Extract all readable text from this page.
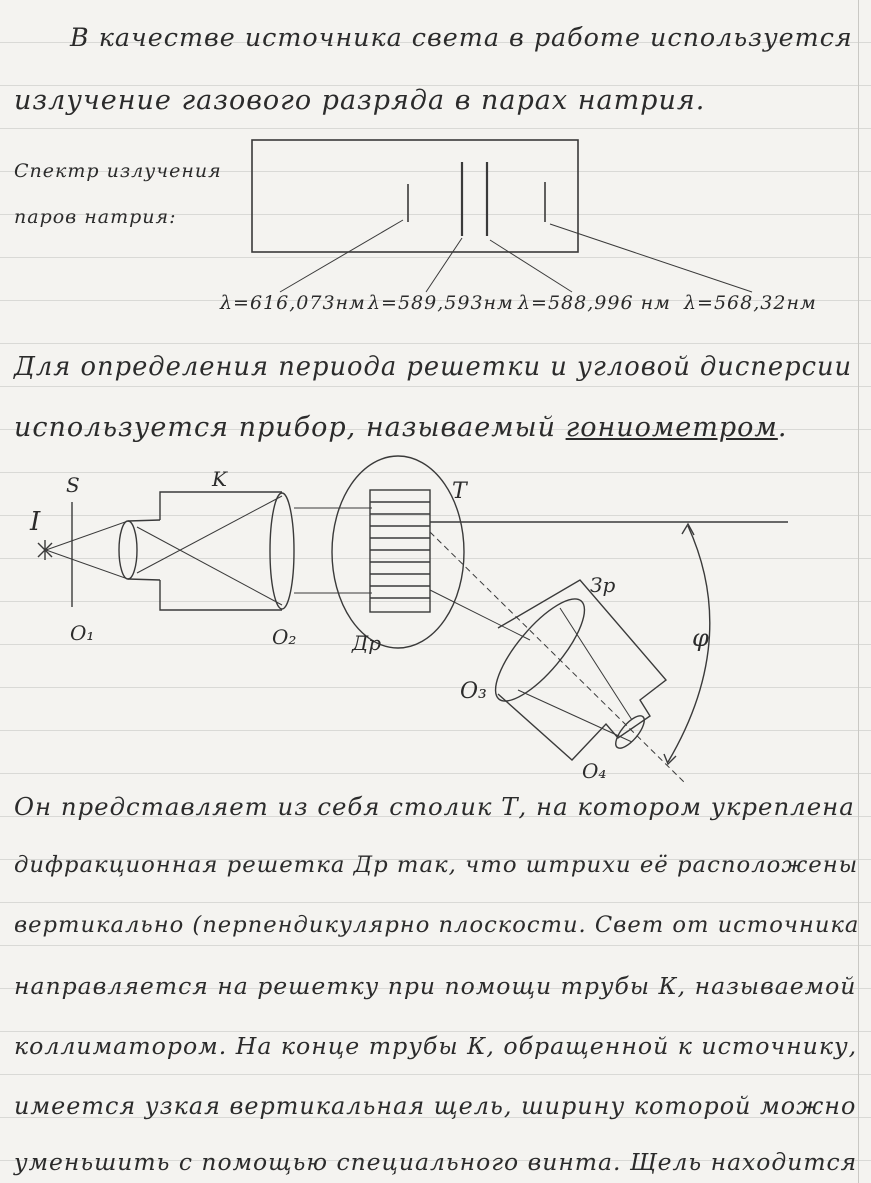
В качестве источника света в работе используется
излучение газового разряда в парах натрия.
Спектр излучения
паров натрия:
λ=616,073нм λ=589,593нм λ=588,996 нм λ=568,32нм
Для определения периода решетки и угловой дисперсии
используется прибор, называемый гониометром.
I
S	K	T
О₁	О₂	Др
О₃
О₄
Зр
φ
Он представляет из себя столик Т, на котором укреплена
дифракционная решетка Др так, что штрихи её расположены
вертикально (перпендикулярно плоскости. Свет от источника
направляется на решетку при помощи трубы К, называемой
коллиматором. На конце трубы К, обращенной к источнику,
имеется узкая вертикальная щель, ширину которой можно
уменьшить с помощью специального винта. Щель находится
